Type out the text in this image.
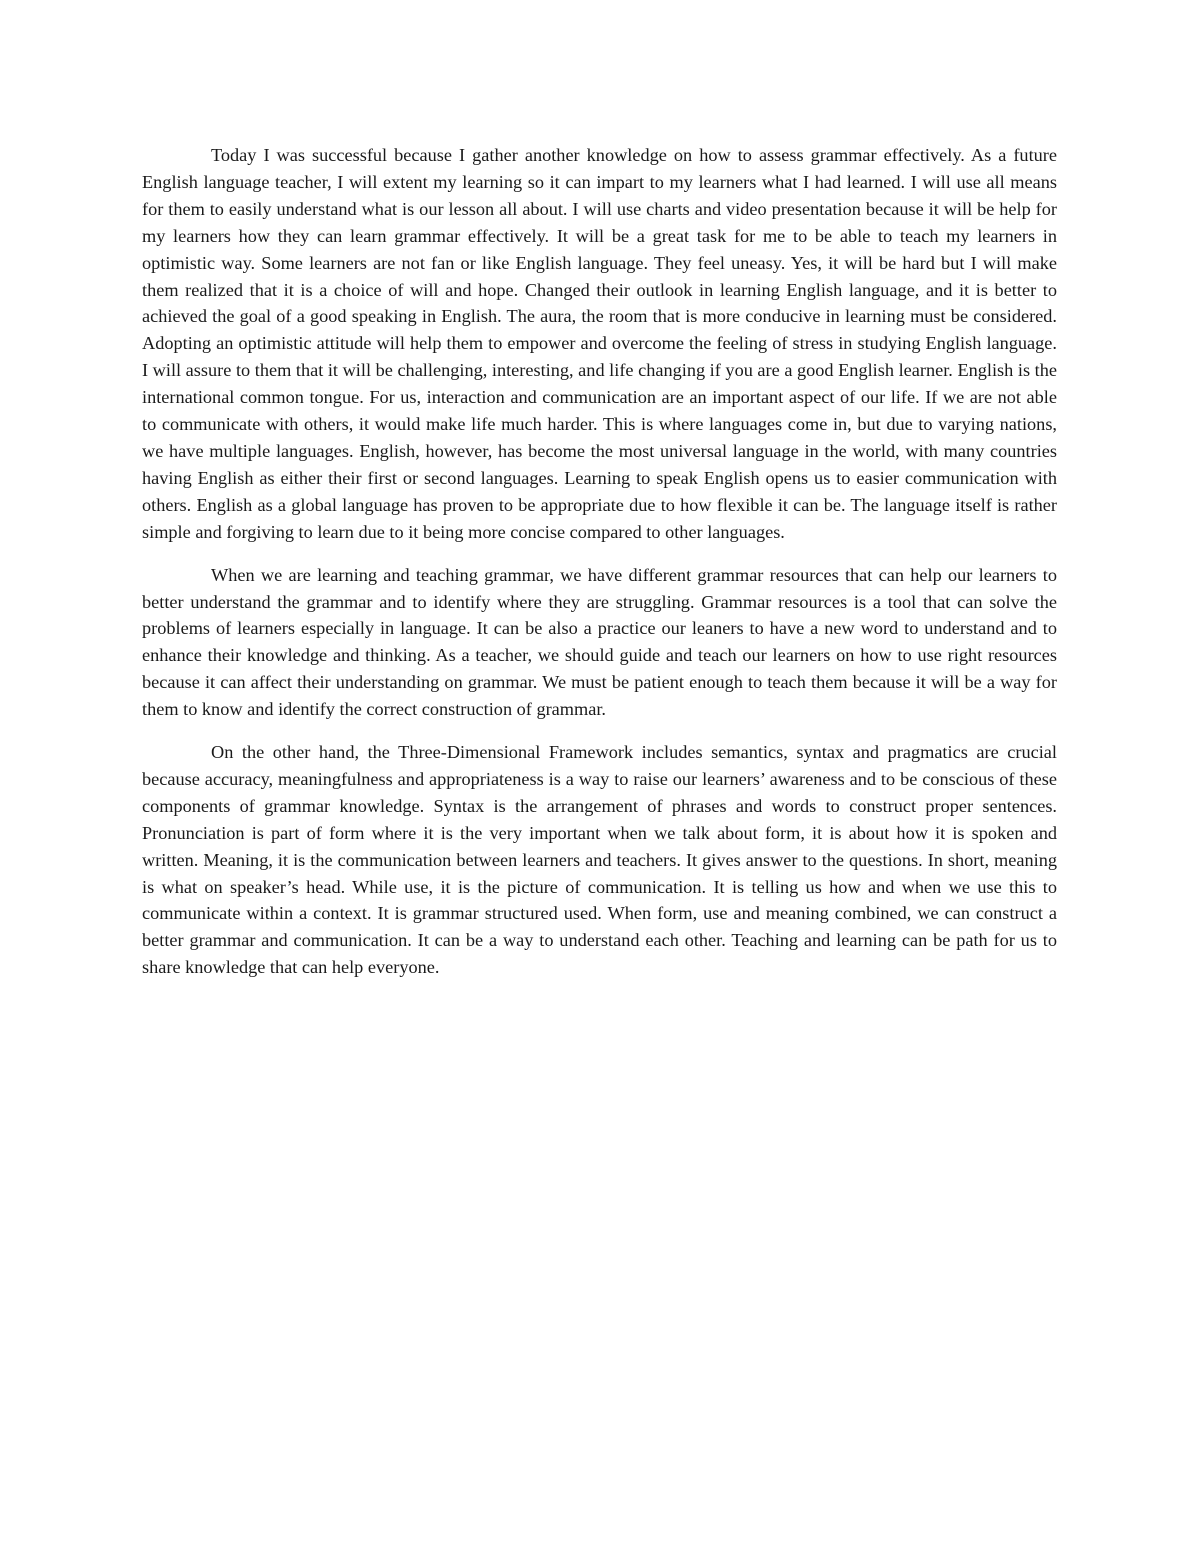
Today I was successful because I gather another knowledge on how to assess grammar effectively. As a future English language teacher, I will extent my learning so it can impart to my learners what I had learned. I will use all means for them to easily understand what is our lesson all about. I will use charts and video presentation because it will be help for my learners how they can learn grammar effectively. It will be a great task for me to be able to teach my learners in optimistic way. Some learners are not fan or like English language. They feel uneasy. Yes, it will be hard but I will make them realized that it is a choice of will and hope. Changed their outlook in learning English language, and it is better to achieved the goal of a good speaking in English. The aura, the room that is more conducive in learning must be considered. Adopting an optimistic attitude will help them to empower and overcome the feeling of stress in studying English language. I will assure to them that it will be challenging, interesting, and life changing if you are a good English learner. English is the international common tongue. For us, interaction and communication are an important aspect of our life. If we are not able to communicate with others, it would make life much harder. This is where languages come in, but due to varying nations, we have multiple languages. English, however, has become the most universal language in the world, with many countries having English as either their first or second languages. Learning to speak English opens us to easier communication with others. English as a global language has proven to be appropriate due to how flexible it can be. The language itself is rather simple and forgiving to learn due to it being more concise compared to other languages.

When we are learning and teaching grammar, we have different grammar resources that can help our learners to better understand the grammar and to identify where they are struggling. Grammar resources is a tool that can solve the problems of learners especially in language. It can be also a practice our leaners to have a new word to understand and to enhance their knowledge and thinking. As a teacher, we should guide and teach our learners on how to use right resources because it can affect their understanding on grammar. We must be patient enough to teach them because it will be a way for them to know and identify the correct construction of grammar.

On the other hand, the Three-Dimensional Framework includes semantics, syntax and pragmatics are crucial because accuracy, meaningfulness and appropriateness is a way to raise our learners’ awareness and to be conscious of these components of grammar knowledge. Syntax is the arrangement of phrases and words to construct proper sentences. Pronunciation is part of form where it is the very important when we talk about form, it is about how it is spoken and written. Meaning, it is the communication between learners and teachers. It gives answer to the questions. In short, meaning is what on speaker’s head. While use, it is the picture of communication. It is telling us how and when we use this to communicate within a context. It is grammar structured used. When form, use and meaning combined, we can construct a better grammar and communication. It can be a way to understand each other. Teaching and learning can be path for us to share knowledge that can help everyone.
